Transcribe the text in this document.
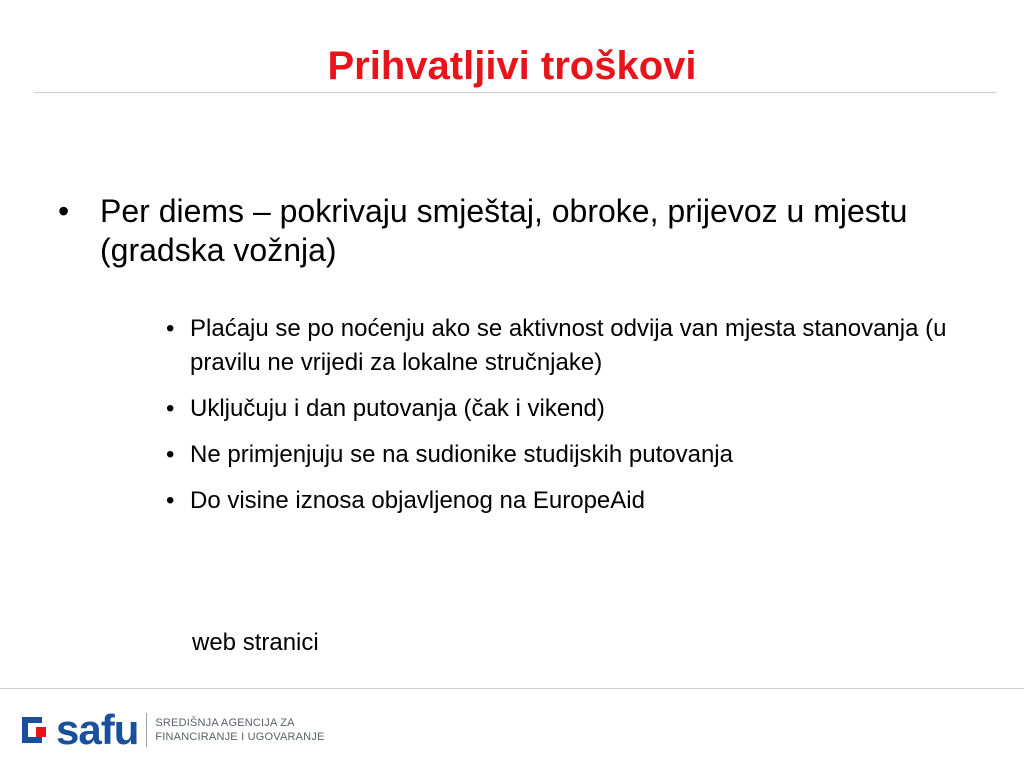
Prihvatljivi troškovi
• Per diems – pokrivaju smještaj, obroke, prijevoz u mjestu (gradska vožnja)
• Plaćaju se po noćenju ako se aktivnost odvija van mjesta stanovanja (u pravilu ne vrijedi za lokalne stručnjake)
• Uključuju i dan putovanja (čak i vikend)
• Ne primjenjuju se na sudionike studijskih putovanja
• Do visine iznosa objavljenog na EuropeAid
web stranici
safu SREDIŠNJA AGENCIJA ZA
FINANCIRANJE I UGOVARANJE
